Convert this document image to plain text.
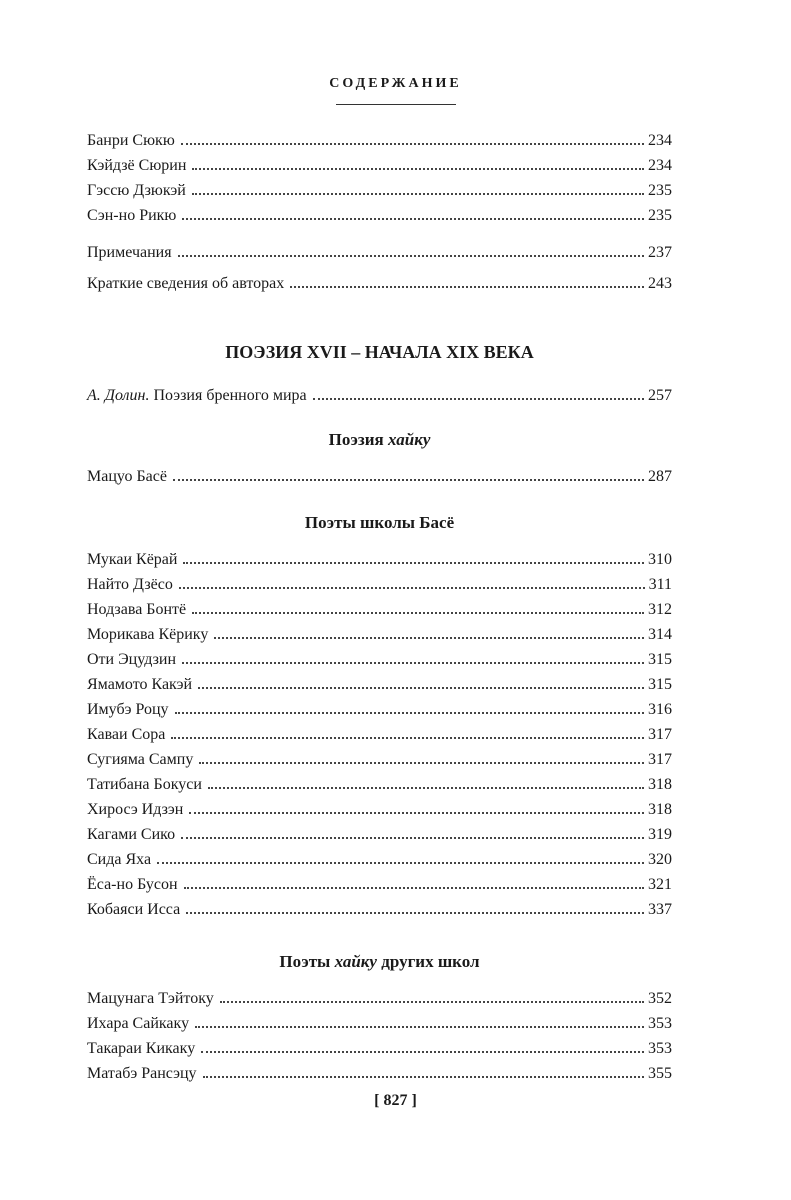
СОДЕРЖАНИЕ
Банри Сюкю	234
Кэйдзё Сюрин	234
Гэссю Дзюкэй	235
Сэн-но Рикю	235
Примечания	237
Краткие сведения об авторах	243
ПОЭЗИЯ XVII – НАЧАЛА XIX ВЕКА
А. Долин. Поэзия бренного мира	257
Поэзия хайку
Мацуо Басё	287
Поэты школы Басё
Мукаи Кёрай	310
Найто Дзёсо	311
Нодзава Бонтё	312
Морикава Кёрику	314
Оти Эцудзин	315
Ямамото Какэй	315
Имубэ Роцу	316
Каваи Сора	317
Сугияма Сампу	317
Татибана Бокуси	318
Хиросэ Идзэн	318
Кагами Сико	319
Сида Яха	320
Ёса-но Бусон	321
Кобаяси Исса	337
Поэты хайку других школ
Мацунага Тэйтоку	352
Ихара Сайкаку	353
Такараи Кикаку	353
Матабэ Рансэцу	355
[ 827 ]
